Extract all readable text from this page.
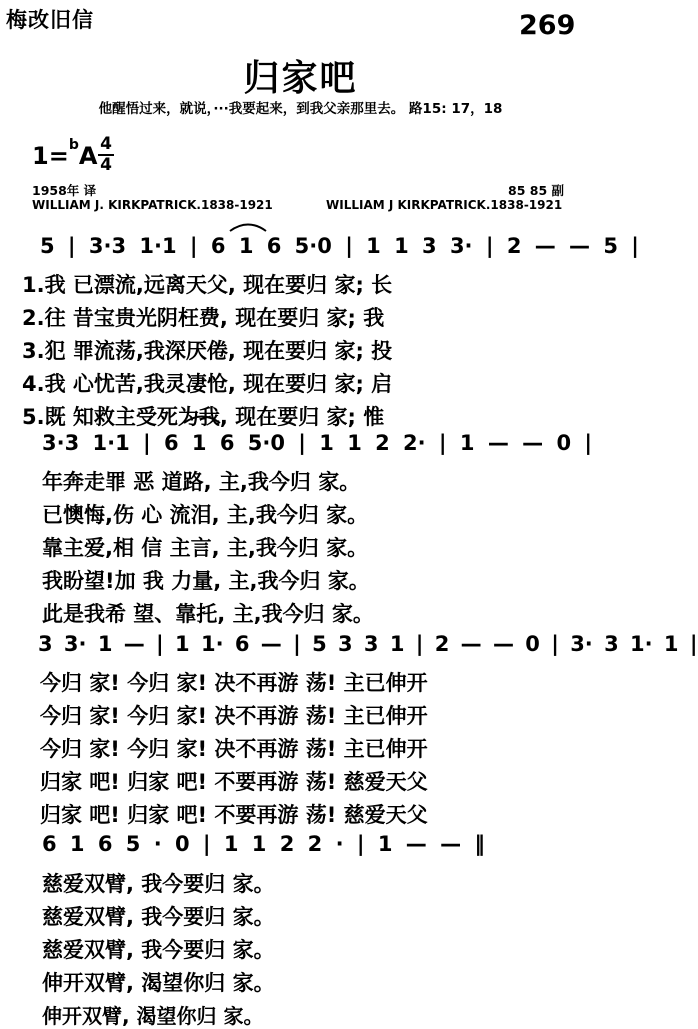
梅改旧信	269
归家吧
他醒悟过来，就说，···我要起来，到我父亲那里去。 路15: 17，18
1=$^b$A 4
4
1958年 译	85 85 副
WILLIAM J. KIRKPATRICK.1838-1921	WILLIAM J KIRKPATRICK.1838-1921
5 | 3·3 1·1 | 6 1 6 5·0 | 1 1 3 3· | 2 — — 5 |
1.我 已漂流,远离天父, 现在要归 家; 长
2.往 昔宝贵光阴枉费, 现在要归 家; 我
3.犯 罪流荡,我深厌倦, 现在要归 家; 投
4.我 心忧苦,我灵凄怆, 现在要归 家; 启
5.既 知救主受死为我, 现在要归 家; 惟
3·3 1·1 | 6 1 6 5·0 | 1 1 2 2· | 1 — — 0 |
年奔走罪 恶 道路, 主,我今归 家。
已懊悔,伤 心 流泪, 主,我今归 家。
靠主爱,相 信 主言, 主,我今归 家。
我盼望!加 我 力量, 主,我今归 家。
此是我希 望、靠托, 主,我今归 家。
3 3· 1 — | 1 1· 6 — | 5 3 3 1 | 2 — — 0 | 3· 3 1· 1 |
今归 家! 今归 家! 决不再游 荡! 主已伸开
今归 家! 今归 家! 决不再游 荡! 主已伸开
今归 家! 今归 家! 决不再游 荡! 主已伸开
归家 吧! 归家 吧! 不要再游 荡! 慈爱天父
归家 吧! 归家 吧! 不要再游 荡! 慈爱天父
6 1 6 5 · 0 | 1 1 2 2 · | 1 — — ‖
慈爱双臂, 我今要归 家。
慈爱双臂, 我今要归 家。
慈爱双臂, 我今要归 家。
伸开双臂, 渴望你归 家。
伸开双臂, 渴望你归 家。
